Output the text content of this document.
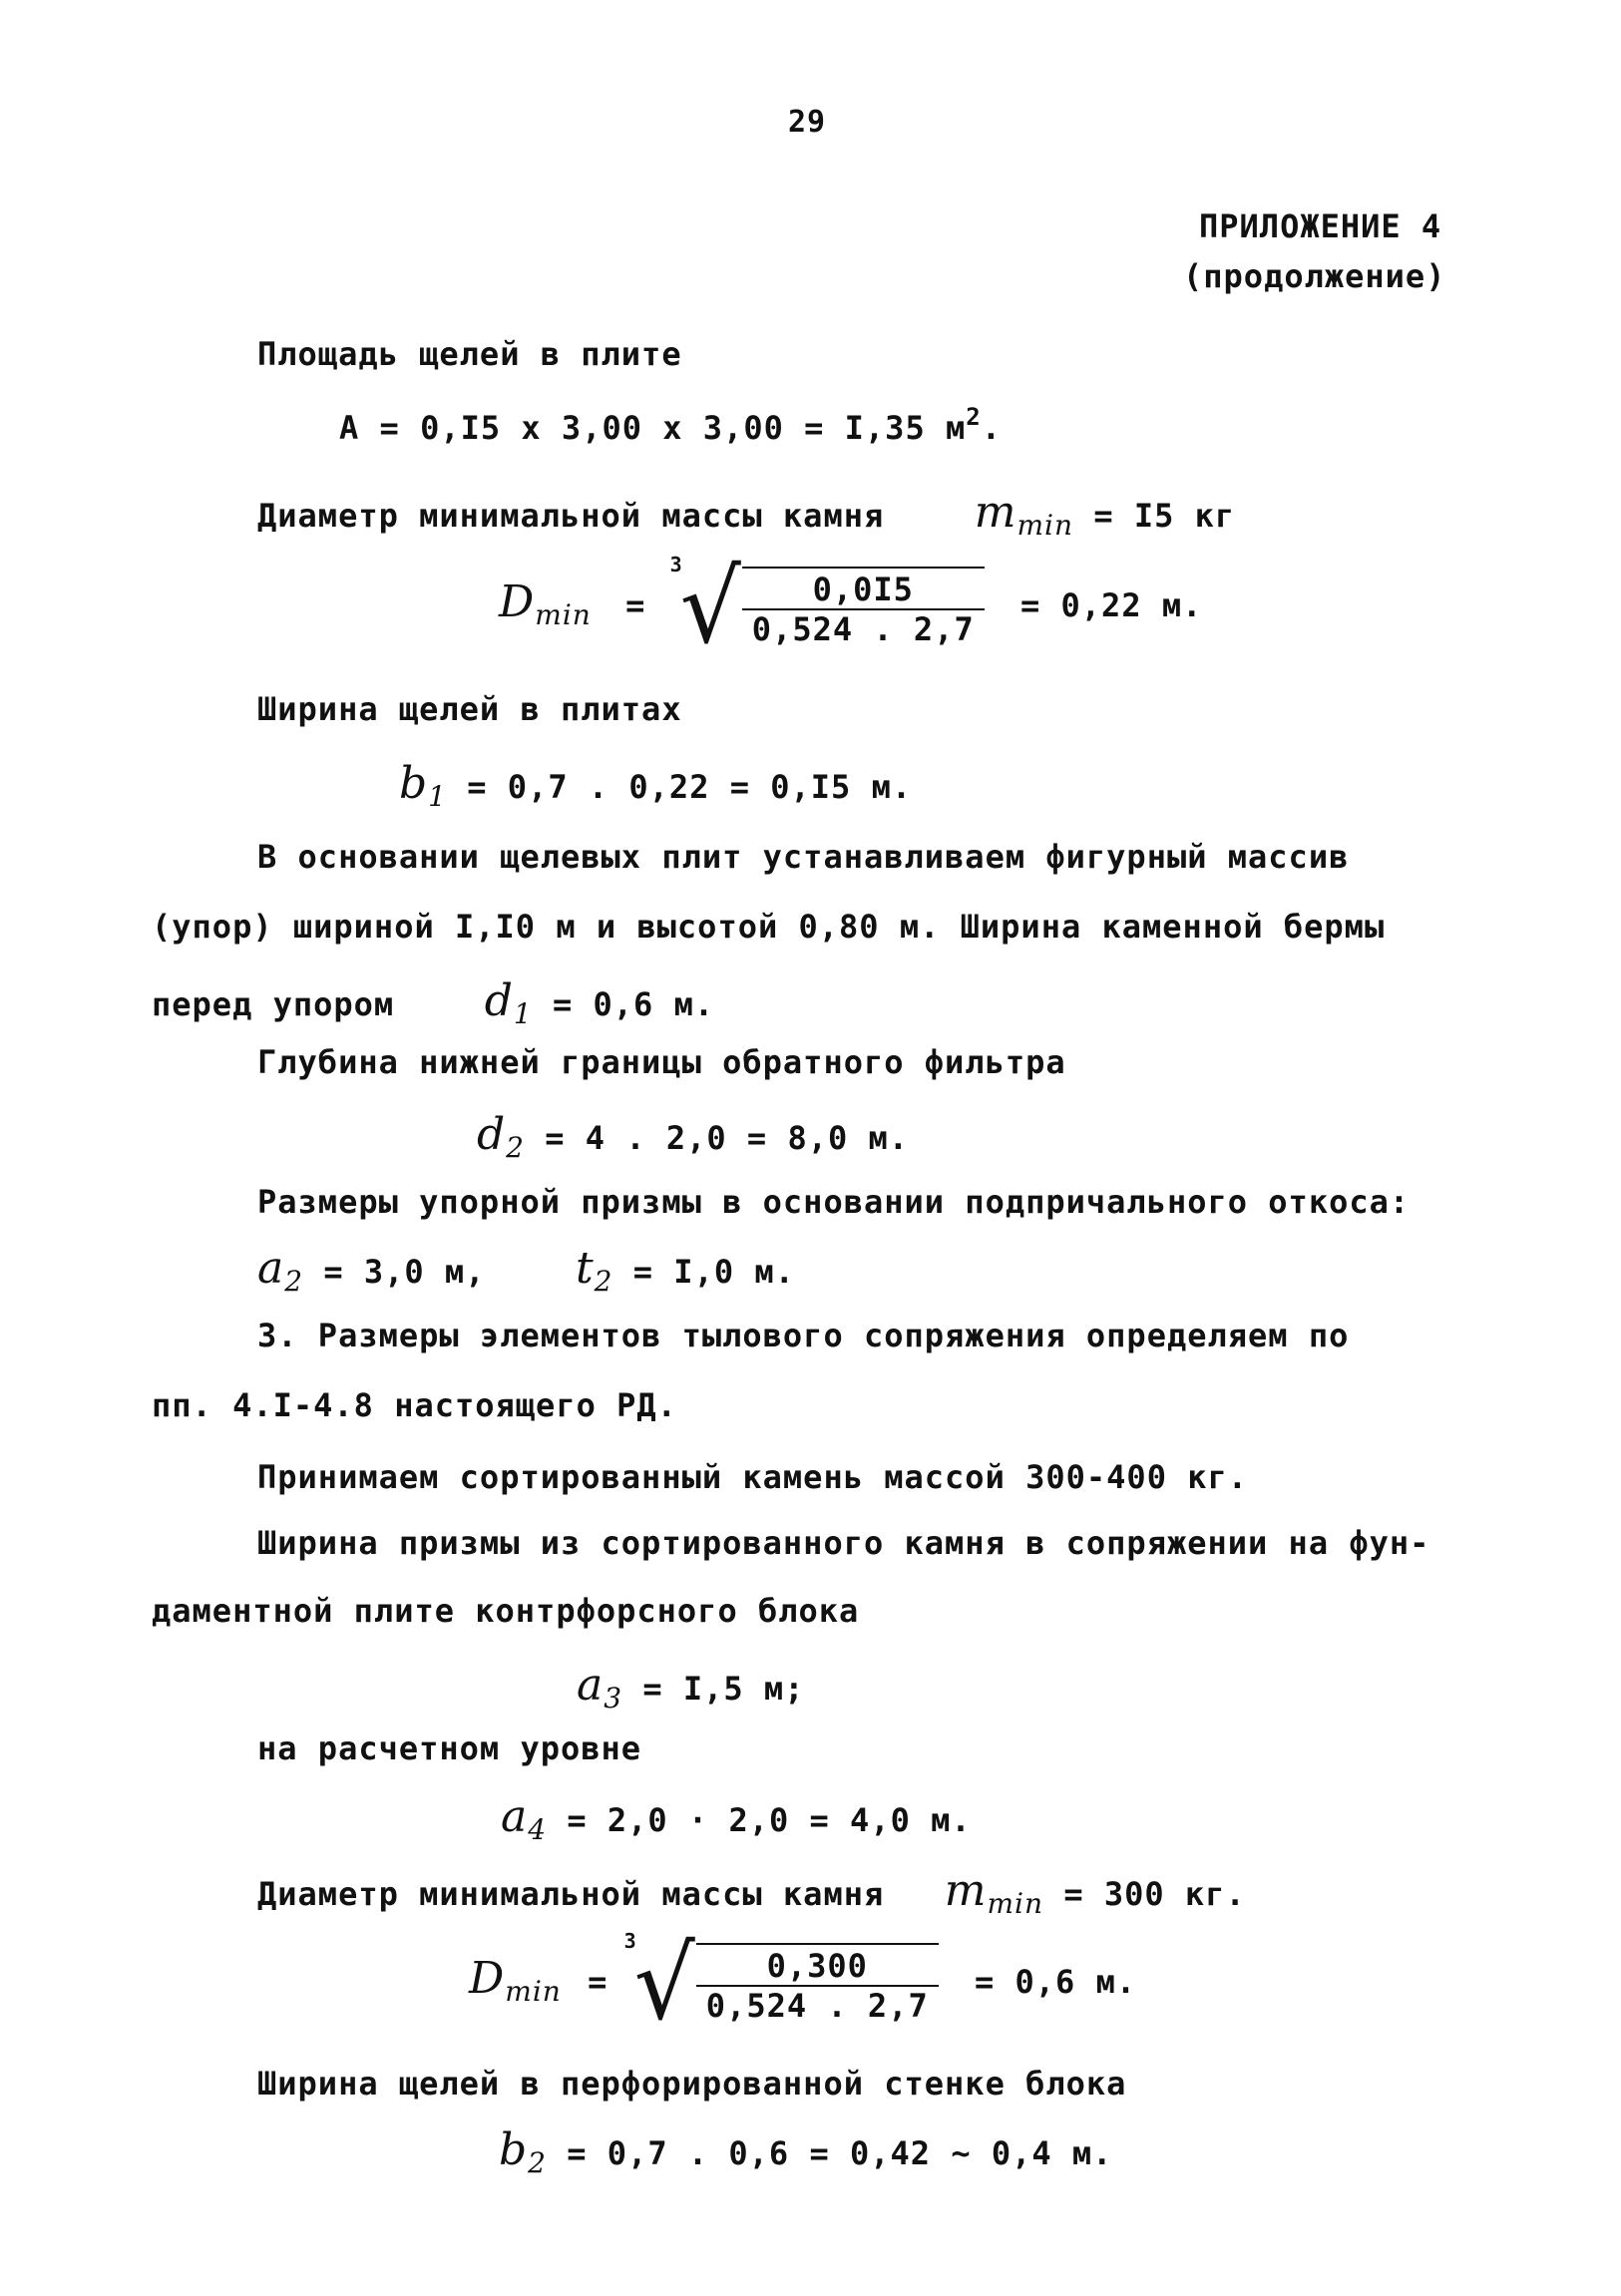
29
ПРИЛОЖЕНИЕ 4
(продолжение)
Площадь щелей в плите
A = 0,I5 x 3,00 x 3,00 = I,35 $м^2$.
Диаметр минимальной массы камня mmin = I5 кг
Dmin =
3
√ $\frac{0,0I5}{0,524 . 2,7} = 0,22$ м.
Ширина щелей в плитах
b1 = 0,7 . 0,22 = 0,I5 м.
В основании щелевых плит устанавливаем фигурный массив
(упор) шириной I,I0 м и высотой 0,80 м. Ширина каменной бермы
перед упором d1 = 0,6 м.
Глубина нижней границы обратного фильтра
d2 = 4 . 2,0 = 8,0 м.
Размеры упорной призмы в основании подпричального откоса:
a2 = 3,0 м, t2 = I,0 м.
3. Размеры элементов тылового сопряжения определяем по
пп. 4.I-4.8 настоящего РД.
Принимаем сортированный камень массой 300-400 кг.
Ширина призмы из сортированного камня в сопряжении на фун-
даментной плите контрфорсного блока
a3 = I,5 м;
на расчетном уровне
a4 = 2,0 · 2,0 = 4,0 м.
Диаметр минимальной массы камня mmin = 300 кг.
Dmin =
3
√ $\frac{0,300}{0,524 . 2,7} = 0,6$ м.
Ширина щелей в перфорированной стенке блока
b2 = 0,7 . 0,6 = 0,42 ~ 0,4 м.
